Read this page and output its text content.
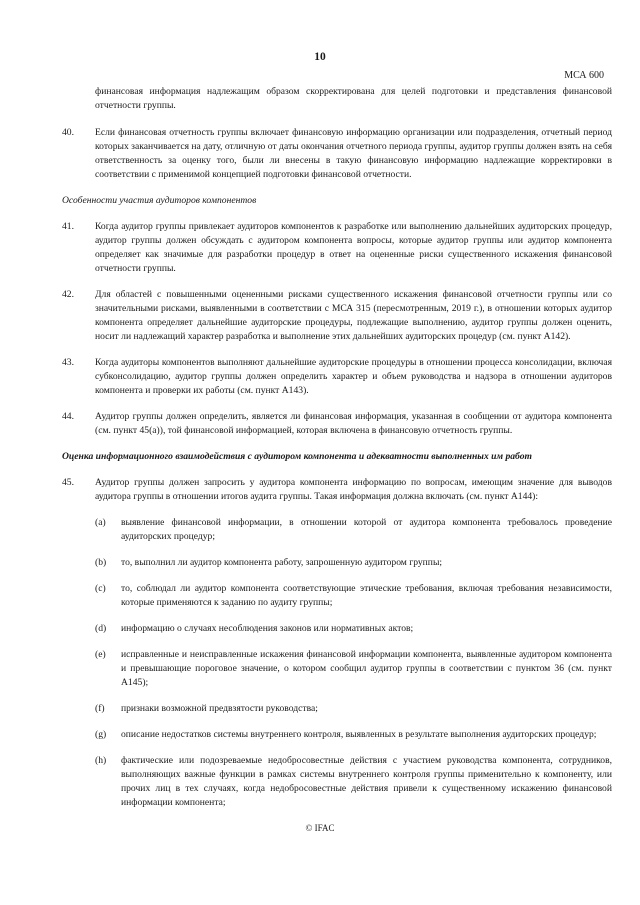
10
МСА 600

финансовая информация надлежащим образом скорректирована для целей подготовки и представления финансовой отчетности группы.

40.	Если финансовая отчетность группы включает финансовую информацию организации или подразделения, отчетный период которых заканчивается на дату, отличную от даты окончания отчетного периода группы, аудитор группы должен взять на себя ответственность за оценку того, были ли внесены в такую финансовую информацию надлежащие корректировки в соответствии с применимой концепцией подготовки финансовой отчетности.
Особенности участия аудиторов компонентов
41.	Когда аудитор группы привлекает аудиторов компонентов к разработке или выполнению дальнейших аудиторских процедур, аудитор группы должен обсуждать с аудитором компонента вопросы, которые аудитор группы или аудитор компонента определяет как значимые для разработки процедур в ответ на оцененные риски существенного искажения финансовой отчетности группы.
42.	Для областей с повышенными оцененными рисками существенного искажения финансовой отчетности группы или со значительными рисками, выявленными в соответствии с МСА 315 (пересмотренным, 2019 г.), в отношении которых аудитор компонента определяет дальнейшие аудиторские процедуры, подлежащие выполнению, аудитор группы должен оценить, носит ли надлежащий характер разработка и выполнение этих дальнейших аудиторских процедур (см. пункт А142).
43.	Когда аудиторы компонентов выполняют дальнейшие аудиторские процедуры в отношении процесса консолидации, включая субконсолидацию, аудитор группы должен определить характер и объем руководства и надзора в отношении аудиторов компонента и проверки их работы (см. пункт А143).
44.	Аудитор группы должен определить, является ли финансовая информация, указанная в сообщении от аудитора компонента (см. пункт 45(a)), той финансовой информацией, которая включена в финансовую отчетность группы.
Оценка информационного взаимодействия с аудитором компонента и адекватности выполненных им работ
45.	Аудитор группы должен запросить у аудитора компонента информацию по вопросам, имеющим значение для выводов аудитора группы в отношении итогов аудита группы. Такая информация должна включать (см. пункт А144):
(a)	выявление финансовой информации, в отношении которой от аудитора компонента требовалось проведение аудиторских процедур;
(b)	то, выполнил ли аудитор компонента работу, запрошенную аудитором группы;
(c)	то, соблюдал ли аудитор компонента соответствующие этические требования, включая требования независимости, которые применяются к заданию по аудиту группы;
(d)	информацию о случаях несоблюдения законов или нормативных актов;
(e)	исправленные и неисправленные искажения финансовой информации компонента, выявленные аудитором компонента и превышающие пороговое значение, о котором сообщил аудитор группы в соответствии с пунктом 36 (см. пункт А145);
(f)	признаки возможной предвзятости руководства;
(g)	описание недостатков системы внутреннего контроля, выявленных в результате выполнения аудиторских процедур;
(h)	фактические или подозреваемые недобросовестные действия с участием руководства компонента, сотрудников, выполняющих важные функции в рамках системы внутреннего контроля группы применительно к компоненту, или прочих лиц в тех случаях, когда недобросовестные действия привели к существенному искажению финансовой информации компонента;
© IFAC
